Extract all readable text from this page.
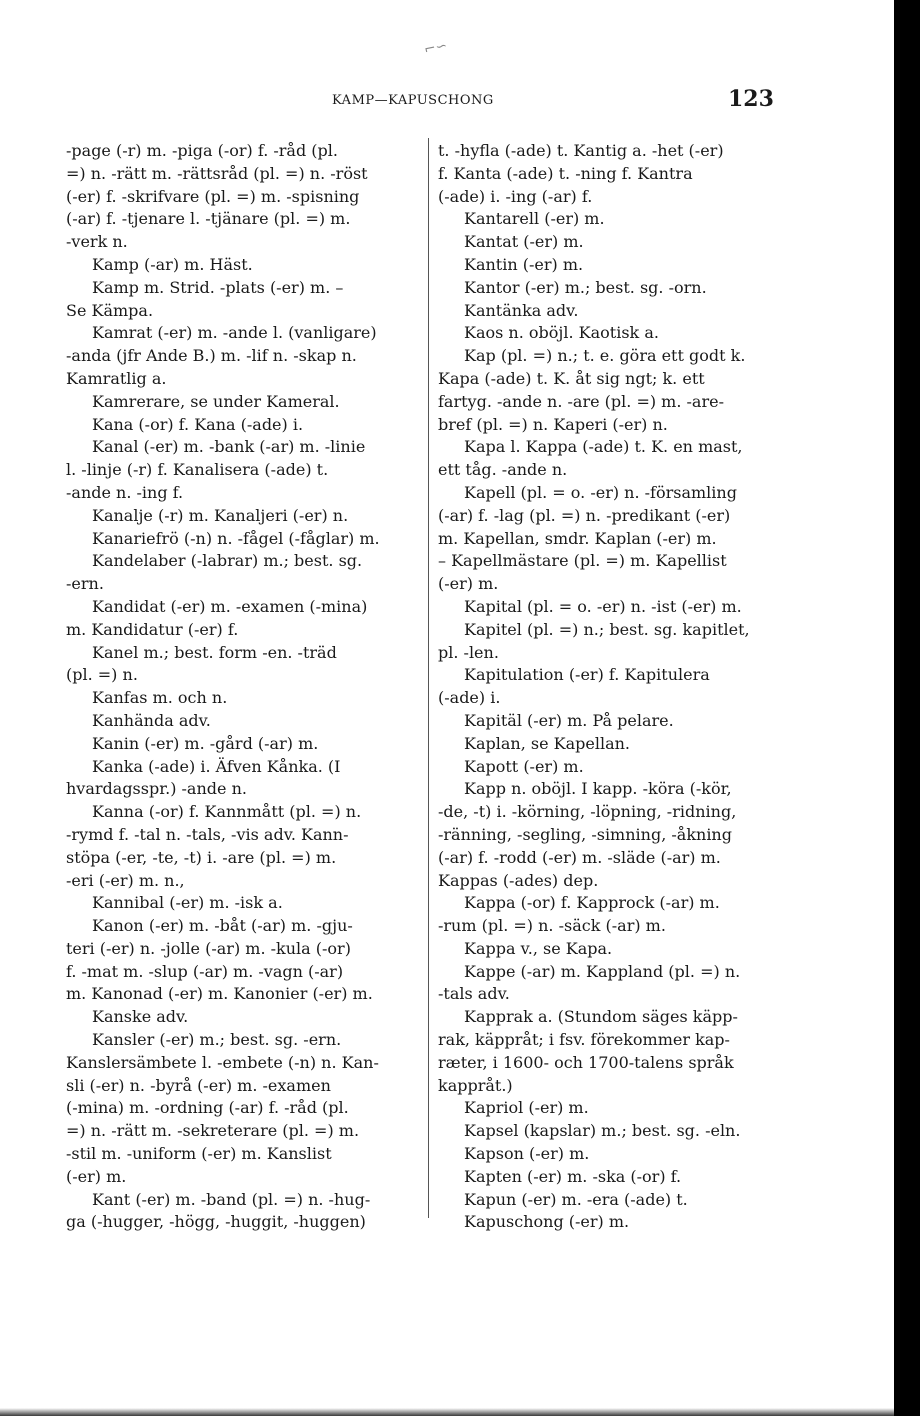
⌐∽
KAMP—KAPUSCHONG	123
-page (-r) m. -piga (-or) f. -råd (pl.
=) n. -rätt m. -rättsråd (pl. =) n. -röst
(-er) f. -skrifvare (pl. =) m. -spisning
(-ar) f. -tjenare l. -tjänare (pl. =) m.
-verk n.
Kamp (-ar) m. Häst.
Kamp m. Strid. -plats (-er) m. –
Se Kämpa.
Kamrat (-er) m. -ande l. (vanligare)
-anda (jfr Ande B.) m. -lif n. -skap n.
Kamratlig a.
Kamrerare, se under Kameral.
Kana (-or) f. Kana (-ade) i.
Kanal (-er) m. -bank (-ar) m. -linie
l. -linje (-r) f. Kanalisera (-ade) t.
-ande n. -ing f.
Kanalje (-r) m. Kanaljeri (-er) n.
Kanariefrö (-n) n. -fågel (-fåglar) m.
Kandelaber (-labrar) m.; best. sg.
-ern.
Kandidat (-er) m. -examen (-mina)
m. Kandidatur (-er) f.
Kanel m.; best. form -en. -träd
(pl. =) n.
Kanfas m. och n.
Kanhända adv.
Kanin (-er) m. -gård (-ar) m.
Kanka (-ade) i. Äfven Kånka. (I
hvardagsspr.) -ande n.
Kanna (-or) f. Kannmått (pl. =) n.
-rymd f. -tal n. -tals, -vis adv. Kann-
stöpa (-er, -te, -t) i. -are (pl. =) m.
-eri (-er) m. n.,
Kannibal (-er) m. -isk a.
Kanon (-er) m. -båt (-ar) m. -gju-
teri (-er) n. -jolle (-ar) m. -kula (-or)
f. -mat m. -slup (-ar) m. -vagn (-ar)
m. Kanonad (-er) m. Kanonier (-er) m.
Kanske adv.
Kansler (-er) m.; best. sg. -ern.
Kanslersämbete l. -embete (-n) n. Kan-
sli (-er) n. -byrå (-er) m. -examen
(-mina) m. -ordning (-ar) f. -råd (pl.
=) n. -rätt m. -sekreterare (pl. =) m.
-stil m. -uniform (-er) m. Kanslist
(-er) m.
Kant (-er) m. -band (pl. =) n. -hug-
ga (-hugger, -högg, -huggit, -huggen)
t. -hyfla (-ade) t. Kantig a. -het (-er)
f. Kanta (-ade) t. -ning f. Kantra
(-ade) i. -ing (-ar) f.
Kantarell (-er) m.
Kantat (-er) m.
Kantin (-er) m.
Kantor (-er) m.; best. sg. -orn.
Kantänka adv.
Kaos n. oböjl. Kaotisk a.
Kap (pl. =) n.; t. e. göra ett godt k.
Kapa (-ade) t. K. åt sig ngt; k. ett
fartyg. -ande n. -are (pl. =) m. -are-
bref (pl. =) n. Kaperi (-er) n.
Kapa l. Kappa (-ade) t. K. en mast,
ett tåg. -ande n.
Kapell (pl. = o. -er) n. -församling
(-ar) f. -lag (pl. =) n. -predikant (-er)
m. Kapellan, smdr. Kaplan (-er) m.
– Kapellmästare (pl. =) m. Kapellist
(-er) m.
Kapital (pl. = o. -er) n. -ist (-er) m.
Kapitel (pl. =) n.; best. sg. kapitlet,
pl. -len.
Kapitulation (-er) f. Kapitulera
(-ade) i.
Kapitäl (-er) m. På pelare.
Kaplan, se Kapellan.
Kapott (-er) m.
Kapp n. oböjl. I kapp. -köra (-kör,
-de, -t) i. -körning, -löpning, -ridning,
-ränning, -segling, -simning, -åkning
(-ar) f. -rodd (-er) m. -släde (-ar) m.
Kappas (-ades) dep.
Kappa (-or) f. Kapprock (-ar) m.
-rum (pl. =) n. -säck (-ar) m.
Kappa v., se Kapa.
Kappe (-ar) m. Kappland (pl. =) n.
-tals adv.
Kapprak a. (Stundom säges käpp-
rak, käppråt; i fsv. förekommer kap-
ræter, i 1600- och 1700-talens språk
kappråt.)
Kapriol (-er) m.
Kapsel (kapslar) m.; best. sg. -eln.
Kapson (-er) m.
Kapten (-er) m. -ska (-or) f.
Kapun (-er) m. -era (-ade) t.
Kapuschong (-er) m.
